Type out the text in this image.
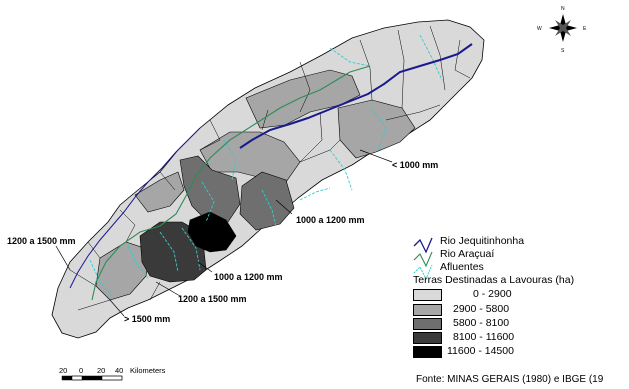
< 1000 mm
1000 a 1200 mm
1000 a 1200 mm
1200 a 1500 mm
1200 a 1500 mm
> 1500 mm
N
S
E
W
Rio Jequitinhonha
Rio Araçuaí
Afluentes
Terras Destinadas a Lavouras (ha)
0 - 2900
2900 - 5800
5800 - 8100
8100 - 11600
11600 - 14500
20 0 20 40 Kilometers
Fonte: MINAS GERAIS (1980) e IBGE (19
